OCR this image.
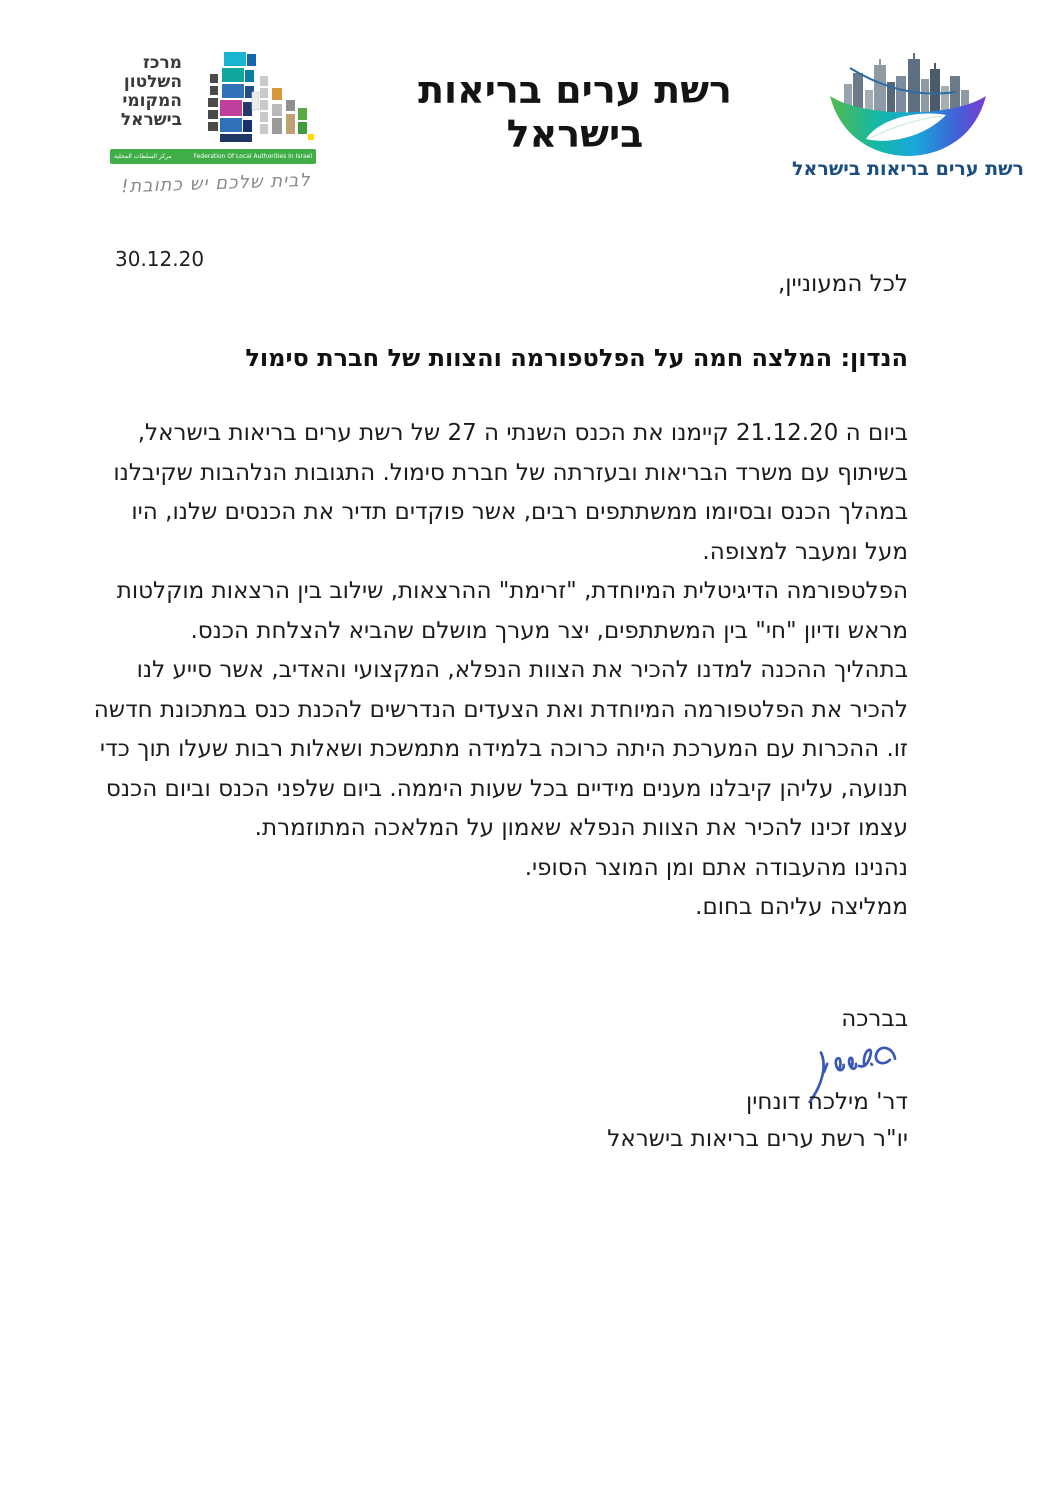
מרכז
השלטון
המקומי
בישראל
مركز السلطات المحلية	Federation Of Local Authorities In Israel
לבית שלכם יש כתובת!
רשת ערים בריאות בישראל
רשת ערים בריאות בישראל
30.12.20
לכל המעוניין,
הנדון: המלצה חמה על הפלטפורמה והצוות של חברת סימול

ביום ה 21.12.20 קיימנו את הכנס השנתי ה 27 של רשת ערים בריאות בישראל, בשיתוף עם משרד הבריאות ובעזרתה של חברת סימול. התגובות הנלהבות שקיבלנו במהלך הכנס ובסיומו ממשתתפים רבים, אשר פוקדים תדיר את הכנסים שלנו, היו מעל ומעבר למצופה.

הפלטפורמה הדיגיטלית המיוחדת, "זרימת" ההרצאות, שילוב בין הרצאות מוקלטות מראש ודיון "חי" בין המשתתפים, יצר מערך מושלם שהביא להצלחת הכנס.

בתהליך ההכנה למדנו להכיר את הצוות הנפלא, המקצועי והאדיב, אשר סייע לנו להכיר את הפלטפורמה המיוחדת ואת הצעדים הנדרשים להכנת כנס במתכונת חדשה זו. ההכרות עם המערכת היתה כרוכה בלמידה מתמשכת ושאלות רבות שעלו תוך כדי תנועה, עליהן קיבלנו מענים מידיים בכל שעות היממה. ביום שלפני הכנס וביום הכנס עצמו זכינו להכיר את הצוות הנפלא שאמון על המלאכה המתוזמרת.

נהנינו מהעבודה אתם ומן המוצר הסופי.

ממליצה עליהם בחום.

בברכה
דר' מילכה דונחין
יו"ר רשת ערים בריאות בישראל
